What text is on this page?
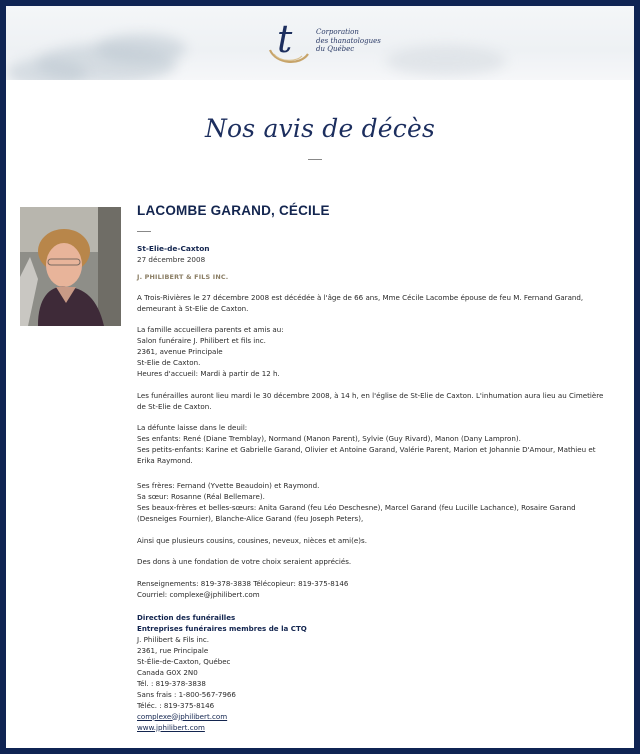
t	Corporation
des thanatologues
du Québec
Nos avis de décès
LACOMBE GARAND, CÉCILE
St-Elie-de-Caxton
27 décembre 2008
J. PHILIBERT & FILS INC.
A Trois-Rivières le 27 décembre 2008 est décédée à l'âge de 66 ans, Mme Cécile Lacombe épouse de feu M. Fernand Garand, demeurant à St-Elie de Caxton.
La famille accueillera parents et amis au:
Salon funéraire J. Philibert et fils inc.
2361, avenue Principale
St-Elie de Caxton.
Heures d'accueil: Mardi à partir de 12 h.
Les funérailles auront lieu mardi le 30 décembre 2008, à 14 h, en l'église de St-Elie de Caxton. L'inhumation aura lieu au Cimetière de St-Elie de Caxton.
La défunte laisse dans le deuil:
Ses enfants: René (Diane Tremblay), Normand (Manon Parent), Sylvie (Guy Rivard), Manon (Dany Lampron).
Ses petits-enfants: Karine et Gabrielle Garand, Olivier et Antoine Garand, Valérie Parent, Marion et Johannie D'Amour, Mathieu et Erika Raymond.
Ses frères: Fernand (Yvette Beaudoin) et Raymond.
Sa sœur: Rosanne (Réal Bellemare).
Ses beaux-frères et belles-sœurs: Anita Garand (feu Léo Deschesne), Marcel Garand (feu Lucille Lachance), Rosaire Garand (Desneiges Fournier), Blanche-Alice Garand (feu Joseph Peters),
Ainsi que plusieurs cousins, cousines, neveux, nièces et ami(e)s.
Des dons à une fondation de votre choix seraient appréciés.
Renseignements: 819-378-3838 Télécopieur: 819-375-8146
Courriel: complexe@jphilibert.com
Direction des funérailles
Entreprises funéraires membres de la CTQ
J. Philibert & Fils inc.
2361, rue Principale
St-Élie-de-Caxton, Québec
Canada G0X 2N0
Tél. : 819-378-3838
Sans frais : 1-800-567-7966
Téléc. : 819-375-8146
complexe@jphilibert.com
www.jphilibert.com
